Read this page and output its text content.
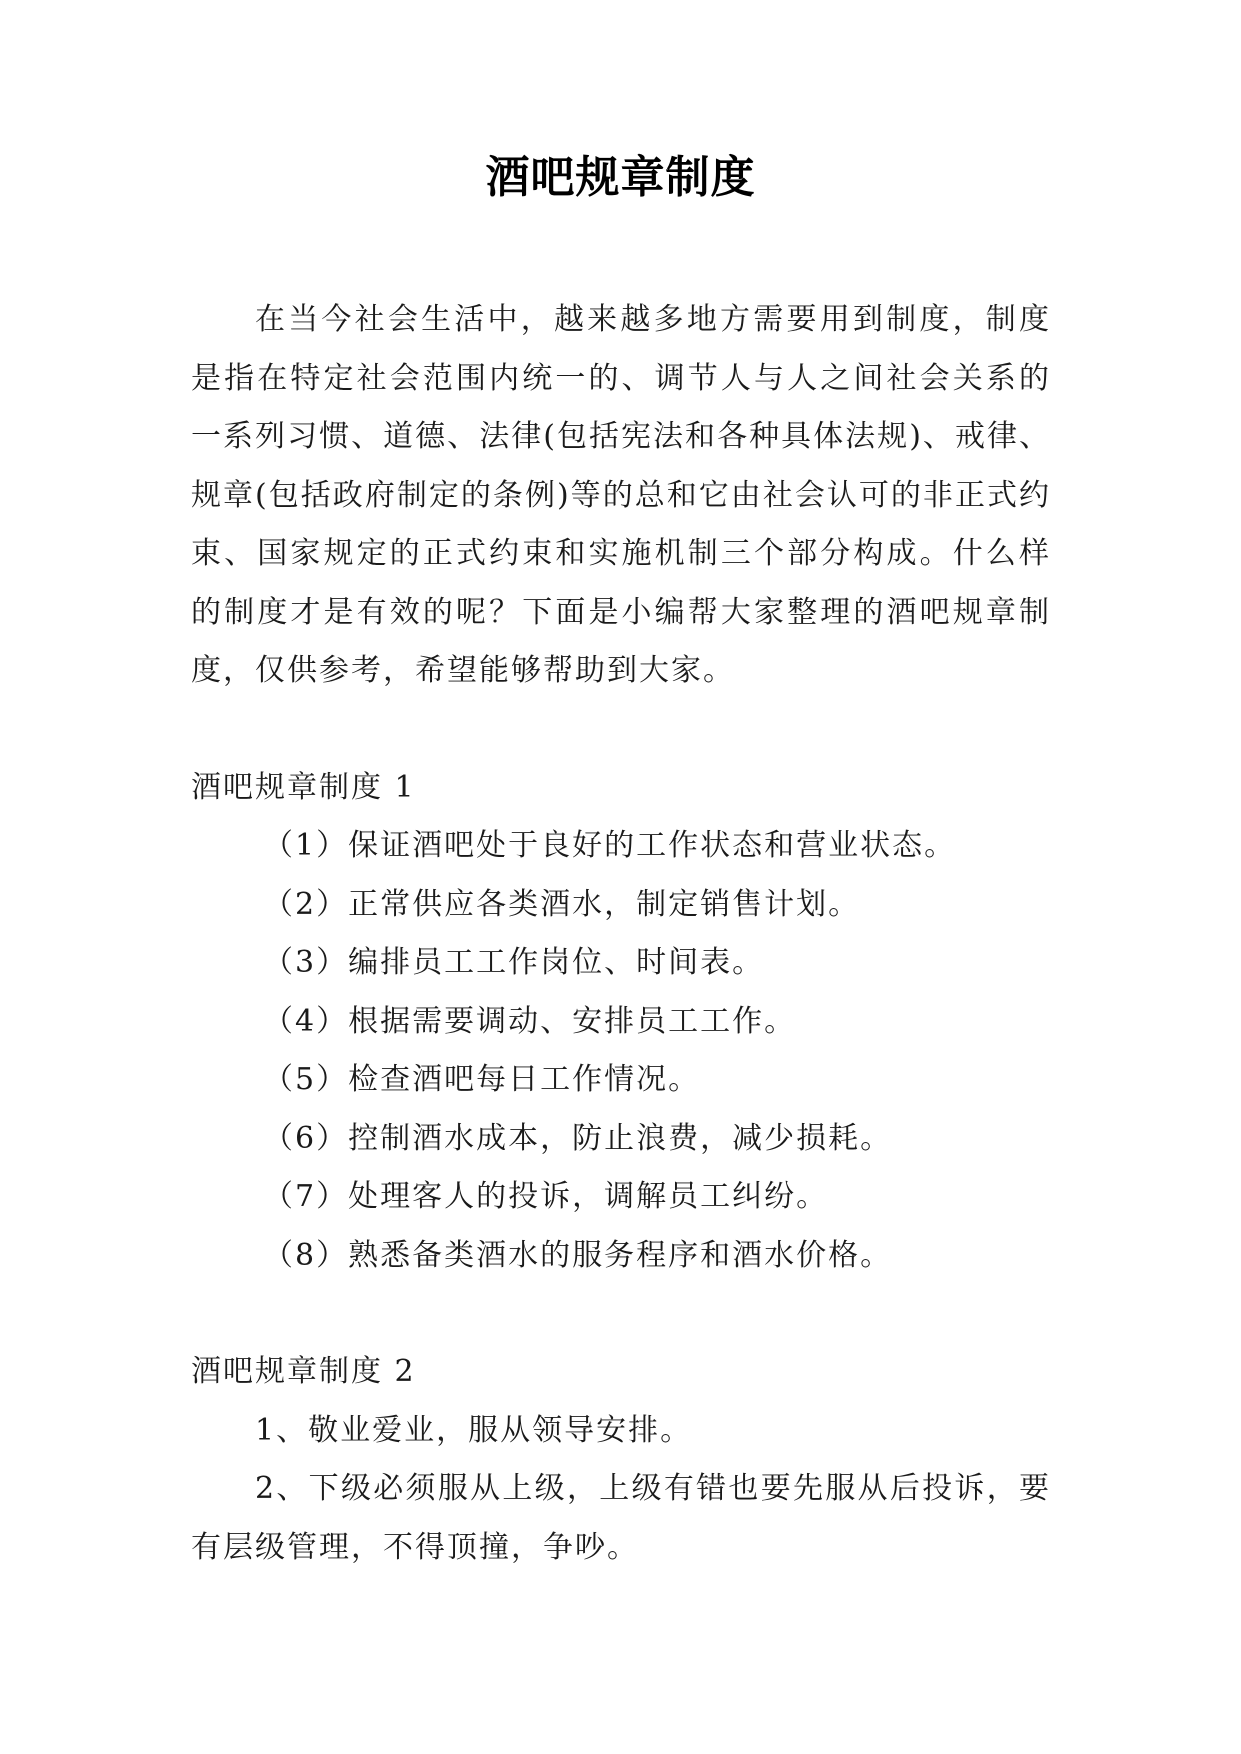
酒吧规章制度

在当今社会生活中，越来越多地方需要用到制度，制度是指在特定社会范围内统一的、调节人与人之间社会关系的一系列习惯、道德、法律(包括宪法和各种具体法规)、戒律、规章(包括政府制定的条例)等的总和它由社会认可的非正式约束、国家规定的正式约束和实施机制三个部分构成。什么样的制度才是有效的呢？下面是小编帮大家整理的酒吧规章制度，仅供参考，希望能够帮助到大家。

酒吧规章制度 1

（1）保证酒吧处于良好的工作状态和营业状态。

（2）正常供应各类酒水，制定销售计划。

（3）编排员工工作岗位、时间表。

（4）根据需要调动、安排员工工作。

（5）检查酒吧每日工作情况。

（6）控制酒水成本，防止浪费，减少损耗。

（7）处理客人的投诉，调解员工纠纷。

（8）熟悉备类酒水的服务程序和酒水价格。

酒吧规章制度 2

1、敬业爱业，服从领导安排。

2、下级必须服从上级，上级有错也要先服从后投诉，要有层级管理，不得顶撞，争吵。
